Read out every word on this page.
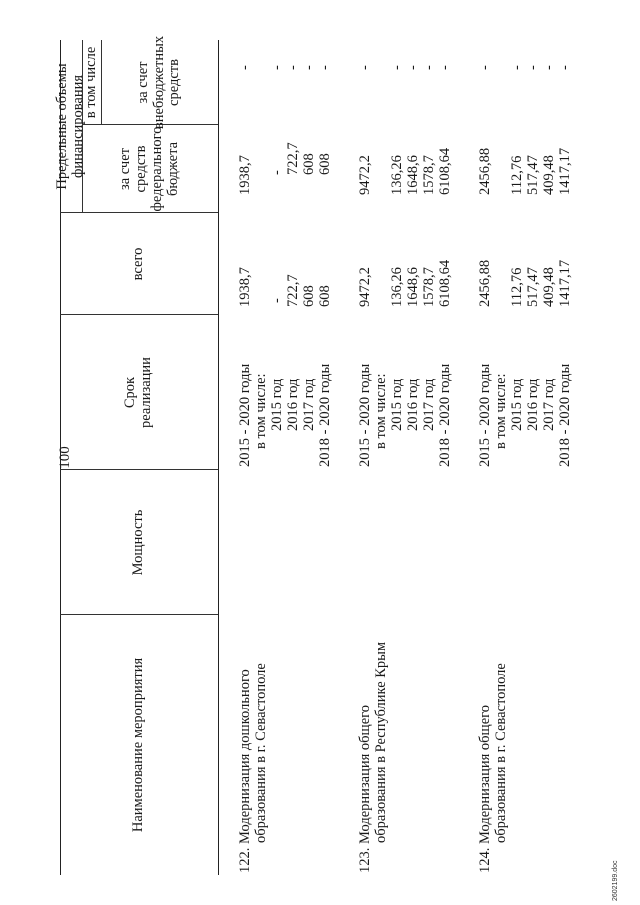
100
Наименование мероприятия
Мощность
Срок реализации
всего
Предельные объемы финансирования
в том числе
за счет средств федерального бюджета
за счет внебюджетных средств
122. Модернизация дошкольного образования в г. Севастополе
2015 - 2020 годы в том числе: 2015 год 2016 год 2017 год 2018 - 2020 годы
1938,7 - 722,7 608 608
1938,7 - 722,7 608 608
- - - - -
123. Модернизация общего образования в Республике Крым
2015 - 2020 годы в том числе: 2015 год 2016 год 2017 год 2018 - 2020 годы
9472,2 136,26 1648,6 1578,7 6108,64
9472,2 136,26 1648,6 1578,7 6108,64
- - - - -
124. Модернизация общего образования в г. Севастополе
2015 - 2020 годы в том числе: 2015 год 2016 год 2017 год 2018 - 2020 годы
2456,88 112,76 517,47 409,48 1417,17
2456,88 112,76 517,47 409,48 1417,17
- - - - -
2602199.doc
